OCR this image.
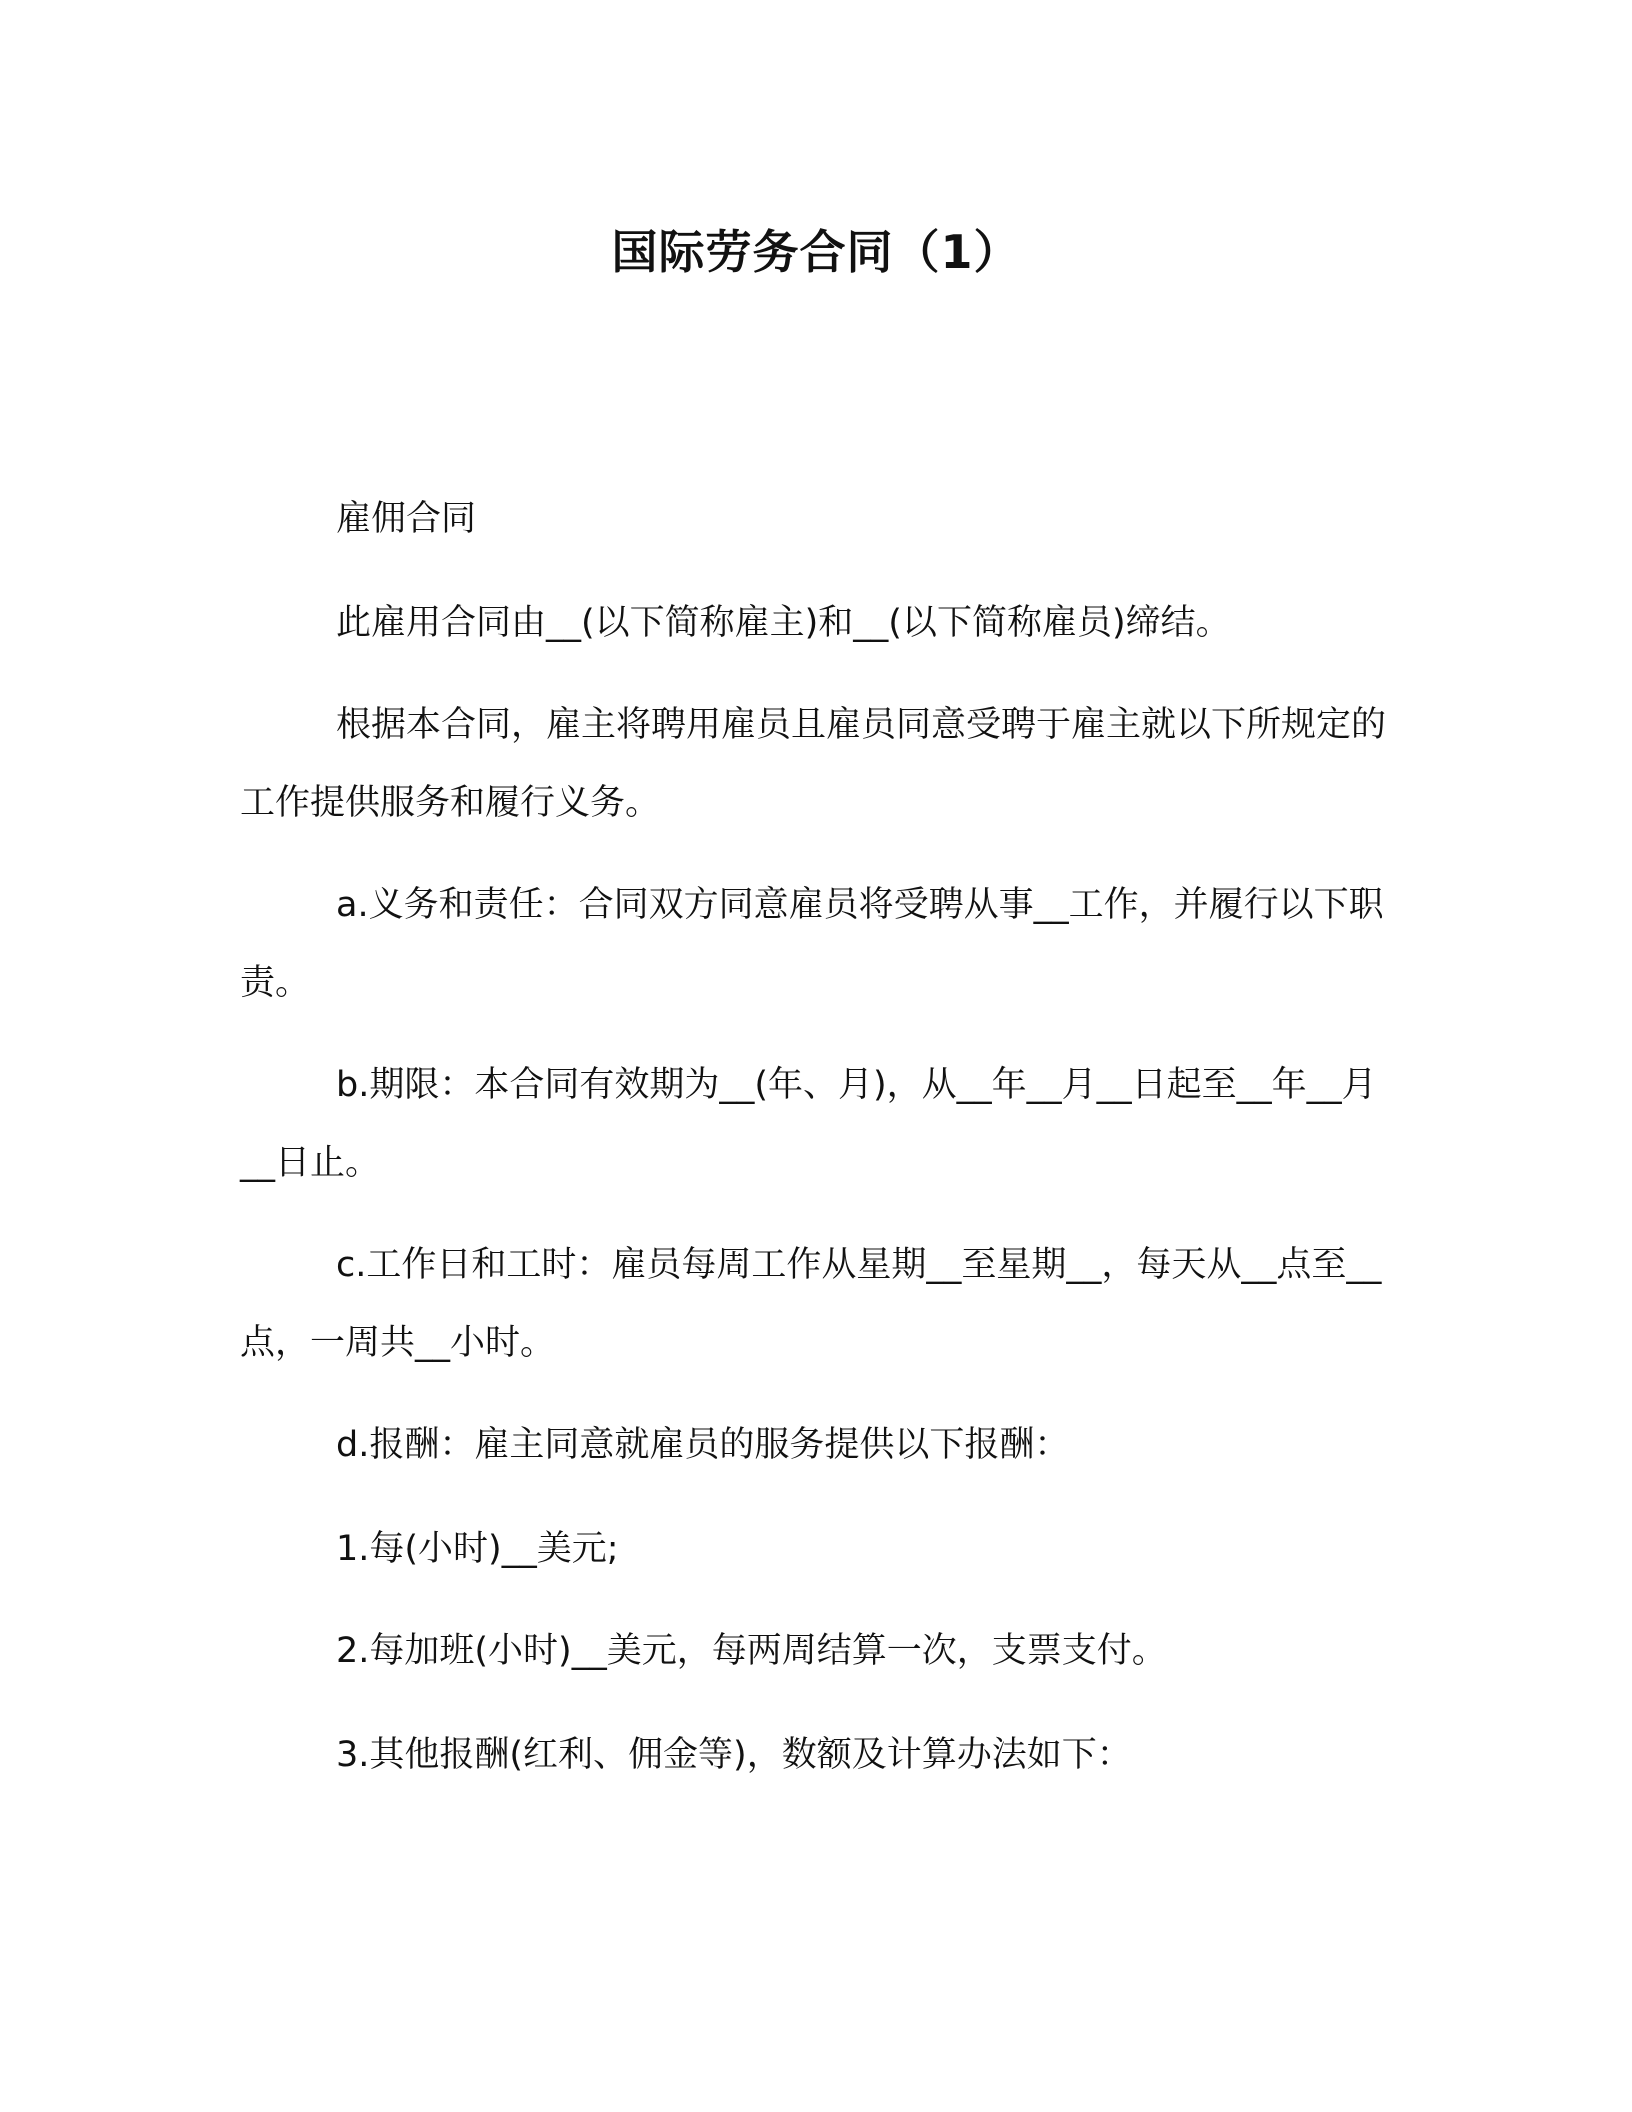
国际劳务合同（1）

雇佣合同

此雇用合同由__(以下简称雇主)和__(以下简称雇员)缔结。

根据本合同，雇主将聘用雇员且雇员同意受聘于雇主就以下所规定的工作提供服务和履行义务。

a.义务和责任：合同双方同意雇员将受聘从事__工作，并履行以下职责。

b.期限：本合同有效期为__(年、月)，从__年__月__日起至__年__月__日止。

c.工作日和工时：雇员每周工作从星期__至星期__，每天从__点至__点，一周共__小时。

d.报酬：雇主同意就雇员的服务提供以下报酬：

1.每(小时)__美元;

2.每加班(小时)__美元，每两周结算一次，支票支付。

3.其他报酬(红利、佣金等)，数额及计算办法如下：
